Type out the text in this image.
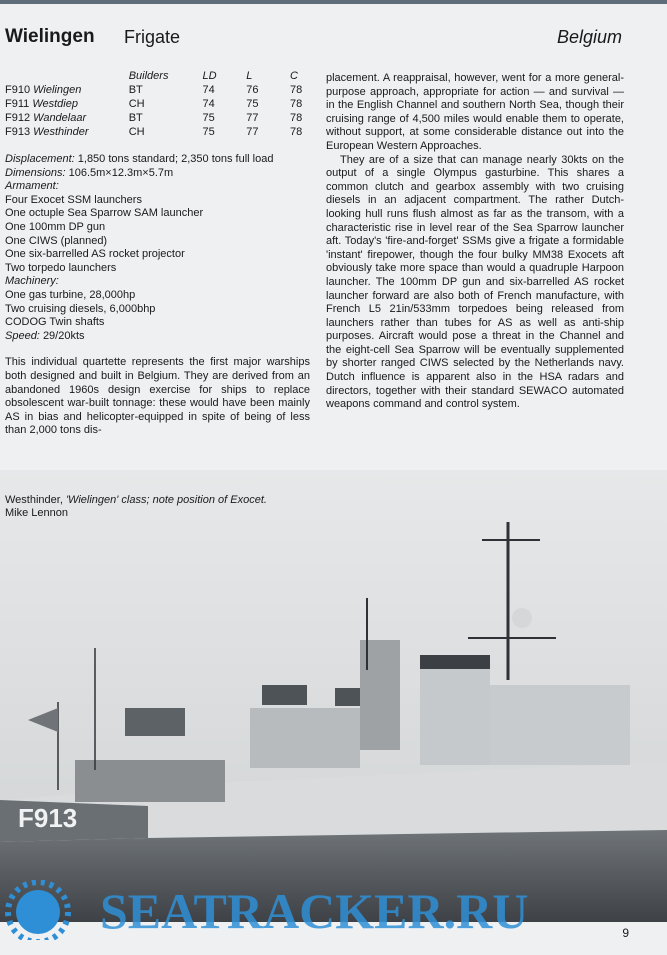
Wielingen Frigate	Belgium
	Builders	LD	L	C
F910 Wielingen	BT	74	76	78
F911 Westdiep	CH	74	75	78
F912 Wandelaar	BT	75	77	78
F913 Westhinder	CH	75	77	78
Displacement: 1,850 tons standard; 2,350 tons full load
Dimensions: 106.5m×12.3m×5.7m
Armament:
Four Exocet SSM launchers
One octuple Sea Sparrow SAM launcher
One 100mm DP gun
One CIWS (planned)
One six-barrelled AS rocket projector
Two torpedo launchers
Machinery:
One gas turbine, 28,000hp
Two cruising diesels, 6,000bhp
CODOG Twin shafts
Speed: 29/20kts

This individual quartette represents the first major warships both designed and built in Belgium. They are derived from an abandoned 1960s design exercise for ships to replace obsolescent war-built tonnage: these would have been mainly AS in bias and helicopter-equipped in spite of being of less than 2,000 tons dis-

placement. A reappraisal, however, went for a more general-purpose approach, appropriate for action — and survival — in the English Channel and southern North Sea, though their cruising range of 4,500 miles would enable them to operate, without support, at some considerable distance out into the European Western Approaches.

They are of a size that can manage nearly 30kts on the output of a single Olympus gasturbine. This shares a common clutch and gearbox assembly with two cruising diesels in an adjacent compartment. The rather Dutch-looking hull runs flush almost as far as the transom, with a characteristic rise in level rear of the Sea Sparrow launcher aft. Today's 'fire-and-forget' SSMs give a frigate a formidable 'instant' firepower, though the four bulky MM38 Exocets aft obviously take more space than would a quadruple Harpoon launcher. The 100mm DP gun and six-barrelled AS rocket launcher forward are also both of French manufacture, with French L5 21in/533mm torpedoes being released from launchers rather than tubes for AS as well as anti-ship purposes. Aircraft would pose a threat in the Channel and the eight-cell Sea Sparrow will be eventually supplemented by shorter ranged CIWS selected by the Netherlands navy. Dutch influence is apparent also in the HSA radars and directors, together with their standard SEWACO automated weapons command and control system.

F913
Westhinder, 'Wielingen' class; note position of Exocet.
Mike Lennon
SEATRACKER.RU	9
